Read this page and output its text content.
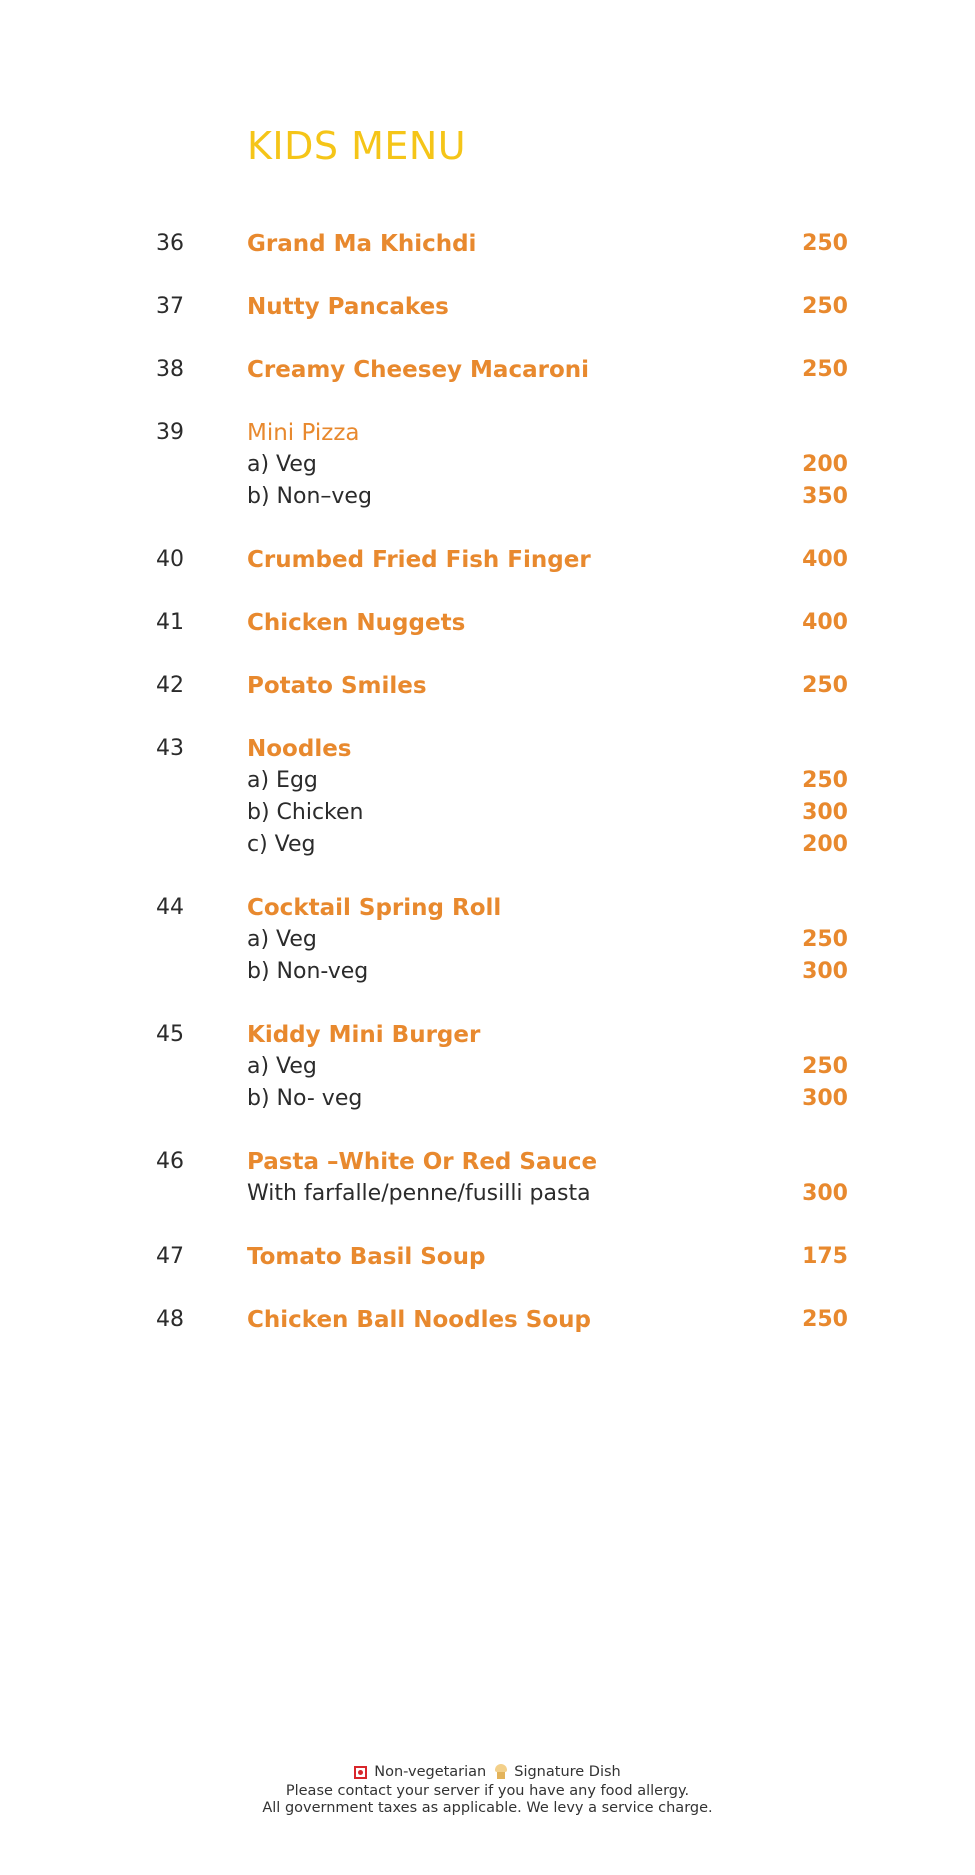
KIDS MENU
36	Grand Ma Khichdi	250
37	Nutty Pancakes	250
38	Creamy Cheesey Macaroni	250
39	Mini Pizza
a) Veg	200
b) Non–veg	350
40	Crumbed Fried Fish Finger	400
41	Chicken Nuggets	400
42	Potato Smiles	250
43	Noodles
a) Egg	250
b) Chicken	300
c) Veg	200
44	Cocktail Spring Roll
a) Veg	250
b) Non-veg	300
45	Kiddy Mini Burger
a) Veg	250
b) No- veg	300
46	Pasta –White Or Red Sauce
With farfalle/penne/fusilli pasta	300
47	Tomato Basil Soup	175
48	Chicken Ball Noodles Soup	250
Non-vegetarian Signature Dish
Please contact your server if you have any food allergy.
All government taxes as applicable. We levy a service charge.
